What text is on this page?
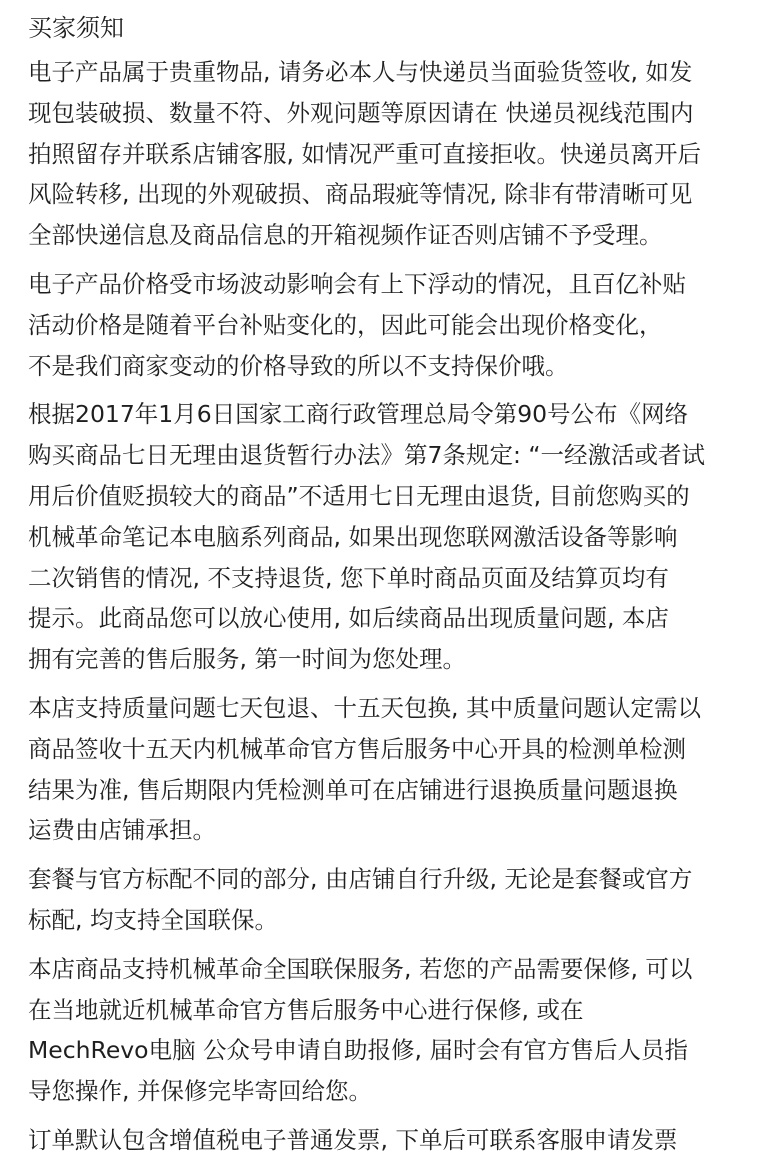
买家须知
电子产品属于贵重物品, 请务必本人与快递员当面验货签收, 如发
现包装破损、数量不符、外观问题等原因请在 快递员视线范围内
拍照留存并联系店铺客服, 如情况严重可直接拒收。快递员离开后
风险转移, 出现的外观破损、商品瑕疵等情况, 除非有带清晰可见
全部快递信息及商品信息的开箱视频作证否则店铺不予受理。
电子产品价格受市场波动影响会有上下浮动的情况，且百亿补贴
活动价格是随着平台补贴变化的，因此可能会出现价格变化，
不是我们商家变动的价格导致的所以不支持保价哦。
根据2017年1月6日国家工商行政管理总局令第90号公布《网络
购买商品七日无理由退货暂行办法》第7条规定: “一经激活或者试
用后价值贬损较大的商品”不适用七日无理由退货, 目前您购买的
机械革命笔记本电脑系列商品, 如果出现您联网激活设备等影响
二次销售的情况, 不支持退货, 您下单时商品页面及结算页均有
提示。此商品您可以放心使用, 如后续商品出现质量问题, 本店
拥有完善的售后服务, 第一时间为您处理。
本店支持质量问题七天包退、十五天包换, 其中质量问题认定需以
商品签收十五天内机械革命官方售后服务中心开具的检测单检测
结果为准, 售后期限内凭检测单可在店铺进行退换质量问题退换
运费由店铺承担。
套餐与官方标配不同的部分, 由店铺自行升级, 无论是套餐或官方
标配, 均支持全国联保。
本店商品支持机械革命全国联保服务, 若您的产品需要保修, 可以
在当地就近机械革命官方售后服务中心进行保修, 或在
MechRevo电脑 公众号申请自助报修, 届时会有官方售后人员指
导您操作, 并保修完毕寄回给您。
订单默认包含增值税电子普通发票, 下单后可联系客服申请发票
